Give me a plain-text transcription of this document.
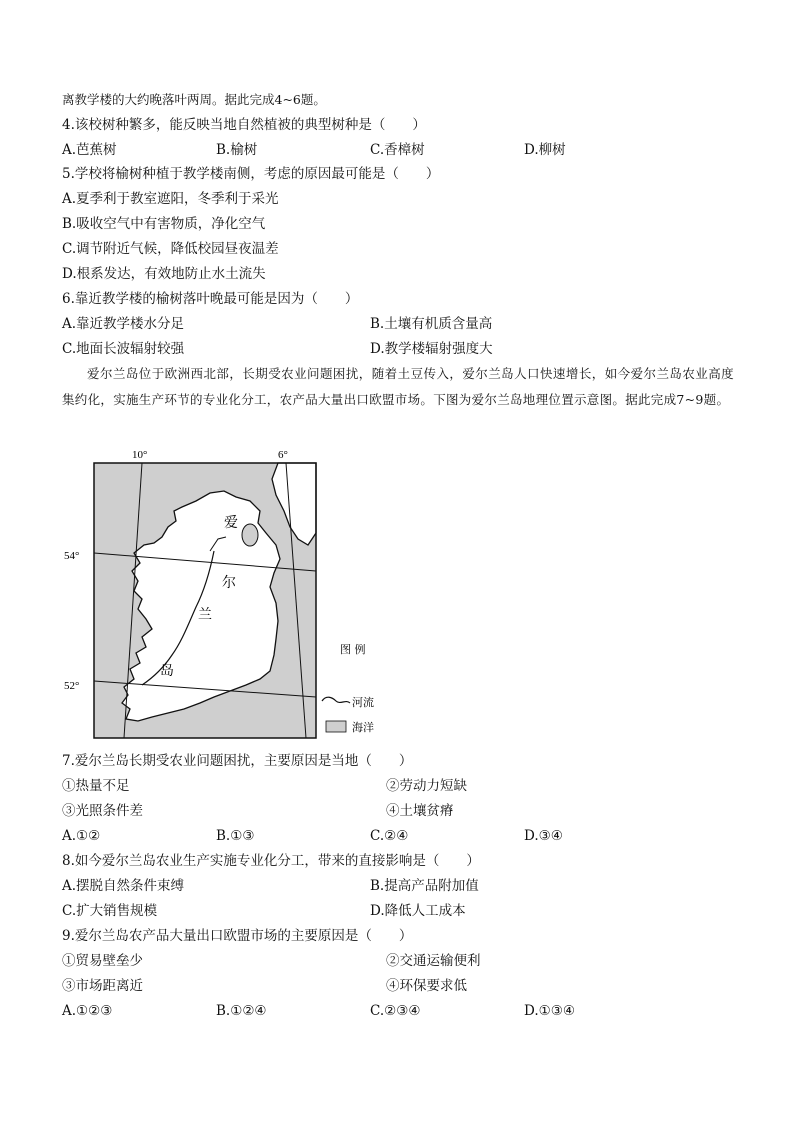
离教学楼的大约晚落叶两周。据此完成4~6题。
4.该校树种繁多，能反映当地自然植被的典型树种是（　　）
A.芭蕉树	B.榆树	C.香樟树	D.柳树
5.学校将榆树种植于教学楼南侧，考虑的原因最可能是（　　）
A.夏季利于教室遮阳，冬季利于采光
B.吸收空气中有害物质，净化空气
C.调节附近气候，降低校园昼夜温差
D.根系发达，有效地防止水土流失
6.靠近教学楼的榆树落叶晚最可能是因为（　　）
A.靠近教学楼水分足	B.土壤有机质含量高
C.地面长波辐射较强	D.教学楼辐射强度大
爱尔兰岛位于欧洲西北部，长期受农业问题困扰，随着土豆传入，爱尔兰岛人口快速增长，如今爱尔兰岛农业高度集约化，实施生产环节的专业化分工，农产品大量出口欧盟市场。下图为爱尔兰岛地理位置示意图。据此完成7~9题。
10°	6°
54°
52°
爱
尔
兰
岛
图 例
河流
海洋
7.爱尔兰岛长期受农业问题困扰，主要原因是当地（　　）
①热量不足	②劳动力短缺
③光照条件差	④土壤贫瘠
A.①②	B.①③	C.②④	D.③④
8.如今爱尔兰岛农业生产实施专业化分工，带来的直接影响是（　　）
A.摆脱自然条件束缚	B.提高产品附加值
C.扩大销售规模	D.降低人工成本
9.爱尔兰岛农产品大量出口欧盟市场的主要原因是（　　）
①贸易壁垒少	②交通运输便利
③市场距离近	④环保要求低
A.①②③	B.①②④	C.②③④	D.①③④
